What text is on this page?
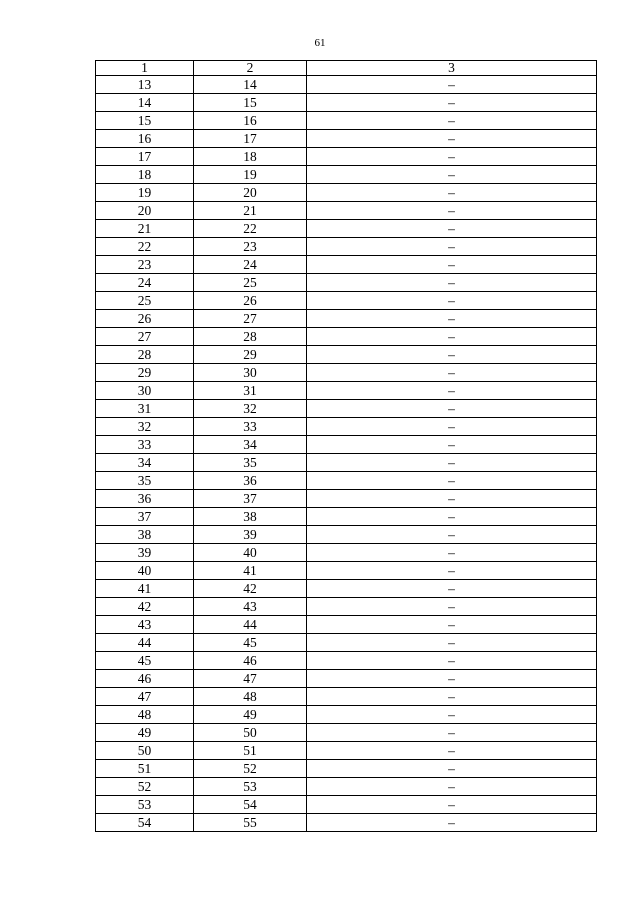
61
1	2	3
13	14	–
14	15	–
15	16	–
16	17	–
17	18	–
18	19	–
19	20	–
20	21	–
21	22	–
22	23	–
23	24	–
24	25	–
25	26	–
26	27	–
27	28	–
28	29	–
29	30	–
30	31	–
31	32	–
32	33	–
33	34	–
34	35	–
35	36	–
36	37	–
37	38	–
38	39	–
39	40	–
40	41	–
41	42	–
42	43	–
43	44	–
44	45	–
45	46	–
46	47	–
47	48	–
48	49	–
49	50	–
50	51	–
51	52	–
52	53	–
53	54	–
54	55	–
